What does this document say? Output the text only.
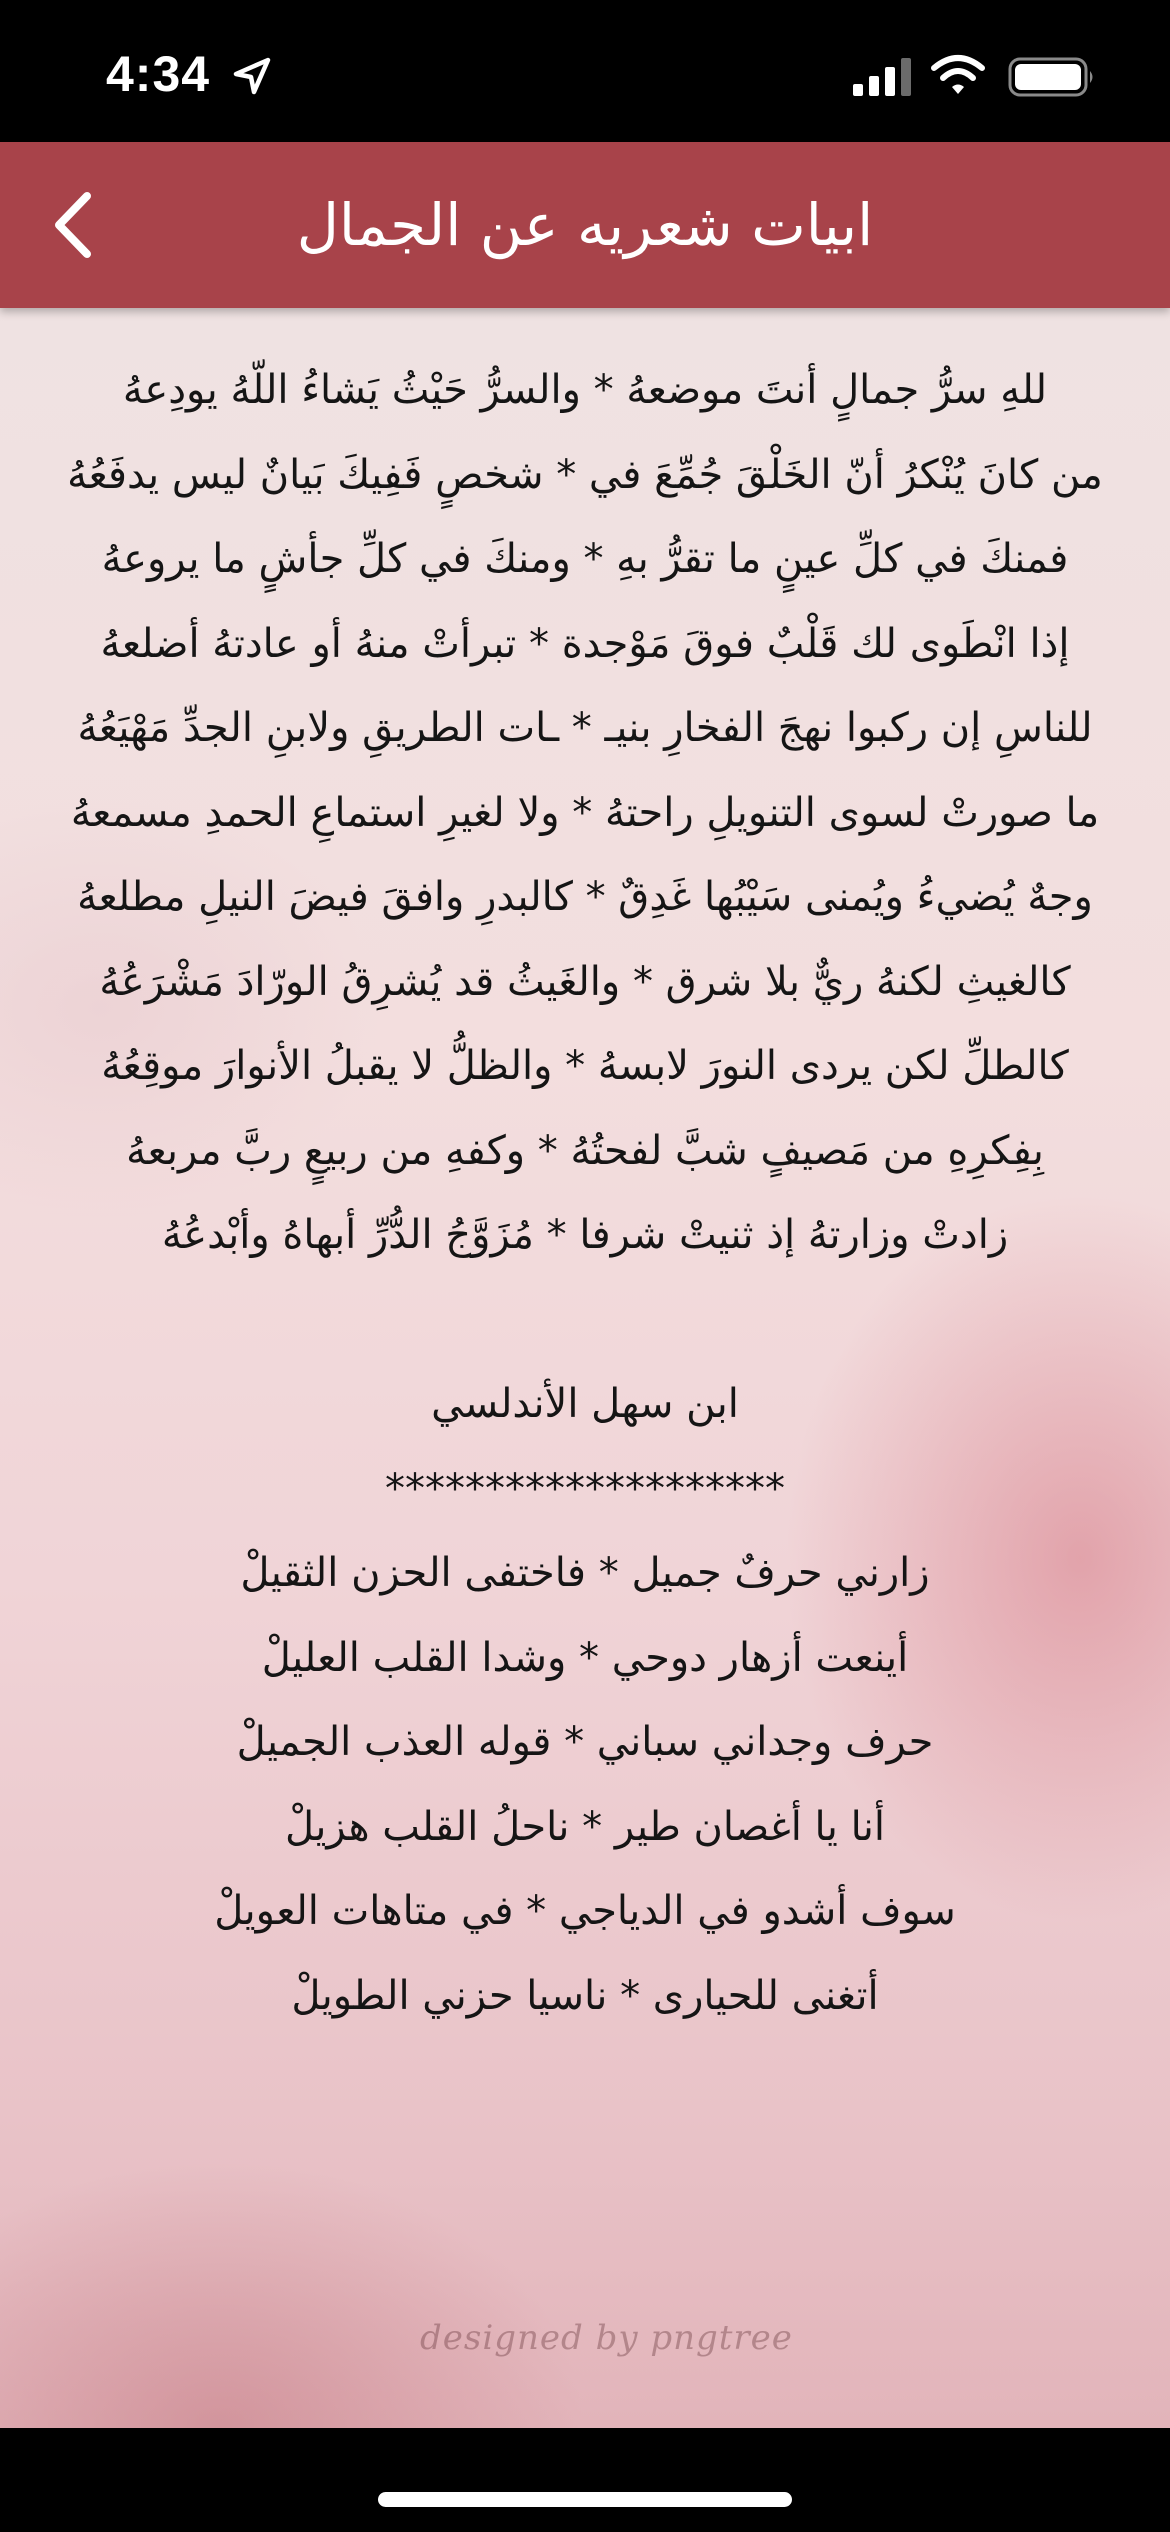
4:34
ابيات شعريه عن الجمال
designed by pngtree
للهِ سرُّ جمالٍ أنتَ موضعهُ * والسرُّ حَيْثُ يَشاءُ اللّهُ يودِعهُ
من كانَ يُنْكرُ أنّ الخَلْقَ جُمِّعَ في * شخصٍ فَفِيكَ بَيانٌ ليس يدفَعُهُ
فمنكَ في كلِّ عينٍ ما تقرُّ بهِ * ومنكَ في كلِّ جأشٍ ما يروعهُ
إذا انْطَوى لك قَلْبٌ فوقَ مَوْجدة * تبرأتْ منهُ أو عادتهُ أضلعهُ
للناسِ إن ركبوا نهجَ الفخارِ بنيـ * ـات الطريقِ ولابنِ الجدِّ مَهْيَعُهُ
ما صورتْ لسوى التنويلِ راحتهُ * ولا لغيرِ استماعِ الحمدِ مسمعهُ
وجهٌ يُضيءُ ويُمنى سَيْبُها غَدِقٌ * كالبدرِ وافقَ فيضَ النيلِ مطلعهُ
كالغيثِ لكنهُ ريٌّ بلا شرق * والغَيثُ قد يُشرِقُ الورّادَ مَشْرَعُهُ
كالطلِّ لكن يردى النورَ لابسهُ * والظلُّ لا يقبلُ الأنوارَ موقِعُهُ
بِفِكرِهِ من مَصيفٍ شبَّ لفحتُهُ * وكفهِ من ربيعٍ ربَّ مربعهُ
زادتْ وزارتهُ إذ ثنيتْ شرفا * مُزَوَّجُ الدُّرِّ أبهاهُ وأبْدعُهُ
ابن سهل الأندلسي
********************
زارني حرفٌ جميل * فاختفى الحزن الثقيلْ
أينعت أزهار دوحي * وشدا القلب العليلْ
حرف وجداني سباني * قوله العذب الجميلْ
أنا يا أغصان طير * ناحلُ القلب هزيلْ
سوف أشدو في الدياجي * في متاهات العويلْ
أتغنى للحيارى * ناسيا حزني الطويلْ
